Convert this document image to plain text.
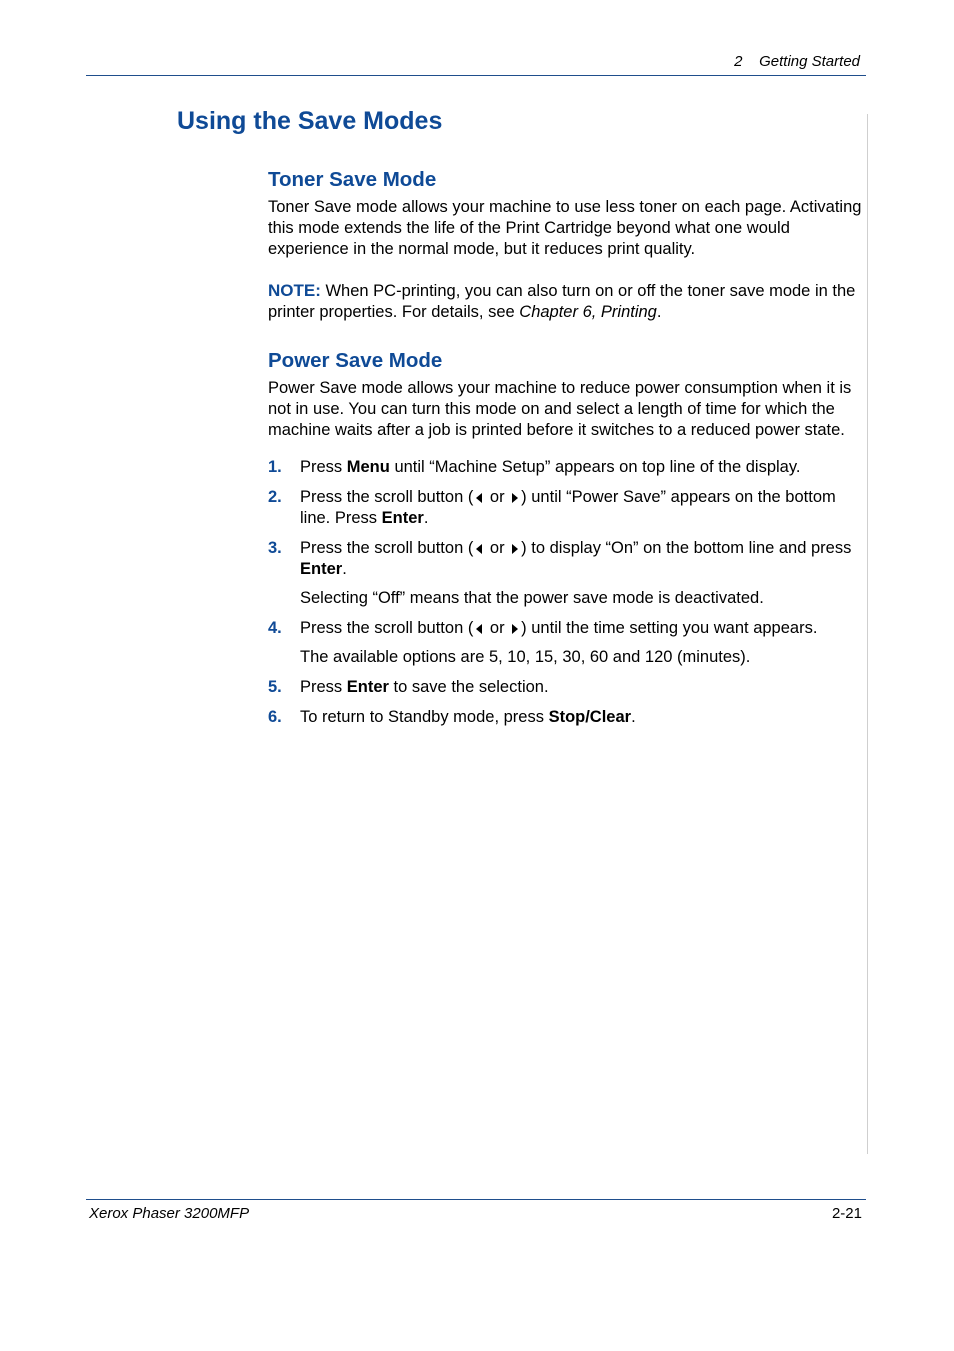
2    Getting Started
Using the Save Modes
Toner Save Mode

Toner Save mode allows your machine to use less toner on each page. Activating this mode extends the life of the Print Cartridge beyond what one would experience in the normal mode, but it reduces print quality.

NOTE: When PC-printing, you can also turn on or off the toner save mode in the printer properties. For details, see Chapter 6, Printing.

Power Save Mode

Power Save mode allows your machine to reduce power consumption when it is not in use. You can turn this mode on and select a length of time for which the machine waits after a job is printed before it switches to a reduced power state.

1. Press Menu until “Machine Setup” appears on top line of the display.
2. Press the scroll button ( or ) until “Power Save” appears on the bottom line. Press Enter.
3. Press the scroll button ( or ) to display “On” on the bottom line and press Enter.
Selecting “Off” means that the power save mode is deactivated.
4. Press the scroll button ( or ) until the time setting you want appears.
The available options are 5, 10, 15, 30, 60 and 120 (minutes).
5. Press Enter to save the selection.
6. To return to Standby mode, press Stop/Clear.
Xerox Phaser 3200MFP	2-21
